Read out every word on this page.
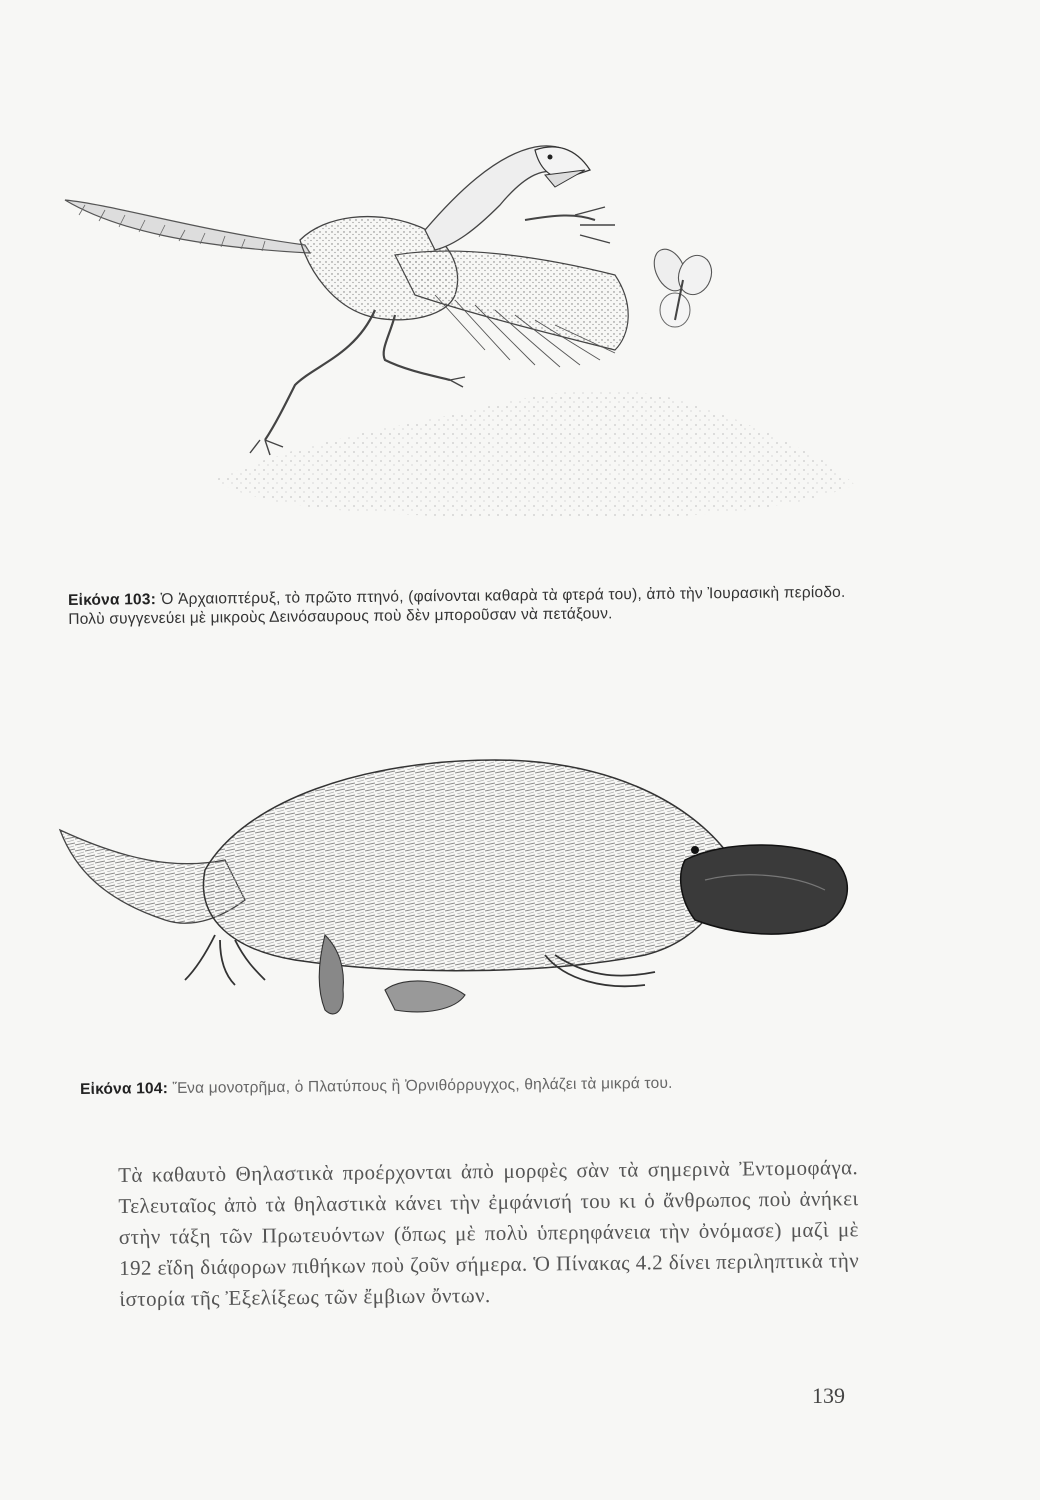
Εἰκόνα 103: Ὁ Ἀρχαιοπτέρυξ, τὸ πρῶτο πτηνό, (φαίνονται καθαρὰ τὰ φτερά του), ἀπὸ τὴν Ἰουρασικὴ περίοδο. Πολὺ συγγενεύει μὲ μικροὺς Δεινόσαυρους ποὺ δὲν μποροῦσαν νὰ πετάξουν.
Εἰκόνα 104: Ἕνα μονοτρῆμα, ὁ Πλατύπους ἢ Ὀρνιθόρρυγχος, θηλάζει τὰ μικρά του.

Τὰ καθαυτὸ Θηλαστικὰ προέρχονται ἀπὸ μορφὲς σὰν τὰ σημερινὰ Ἐντομοφάγα. Τελευταῖος ἀπὸ τὰ θηλαστικὰ κάνει τὴν ἐμφάνισή του κι ὁ ἄνθρωπος ποὺ ἀνήκει στὴν τάξη τῶν Πρωτευόντων (ὅπως μὲ πολὺ ὑπερηφάνεια τὴν ὀνόμασε) μαζὶ μὲ 192 εἴδη διάφορων πιθήκων ποὺ ζοῦν σήμερα. Ὁ Πίνακας 4.2 δίνει περιληπτικὰ τὴν ἱστορία τῆς Ἐξελίξεως τῶν ἔμβιων ὄντων.

139
